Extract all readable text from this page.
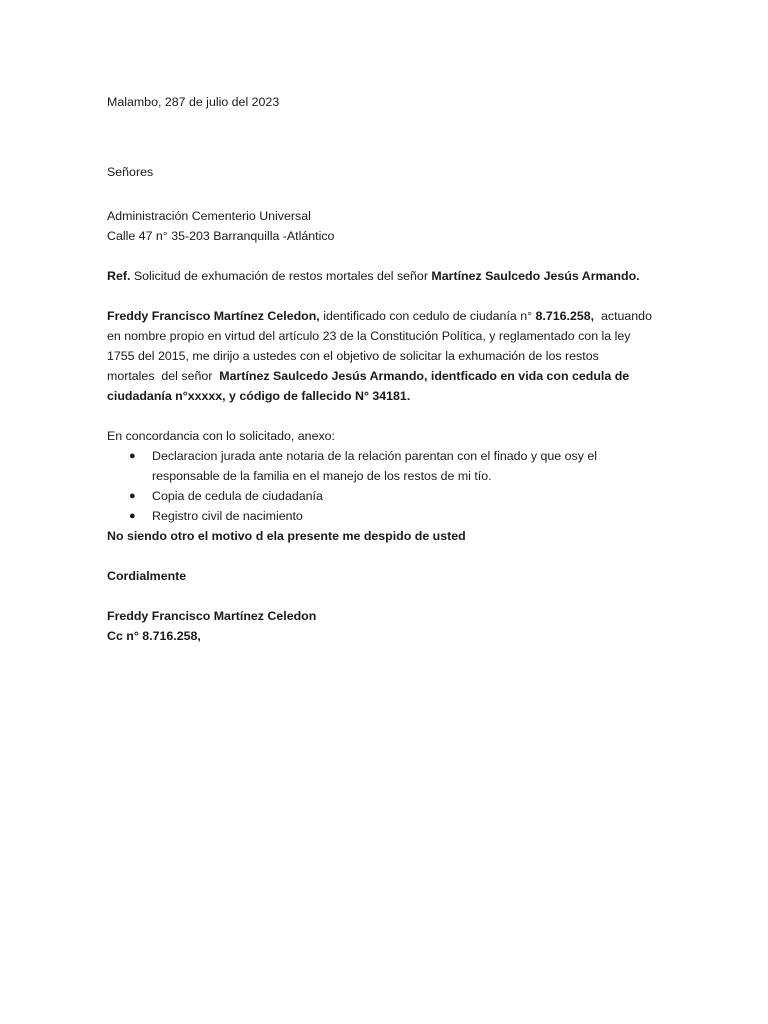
Malambo, 287 de julio del 2023
Señores
Administración Cementerio Universal
Calle 47 n° 35-203 Barranquilla -Atlántico
Ref. Solicitud de exhumación de restos mortales del señor Martínez Saulcedo Jesús Armando.
Freddy Francisco Martínez Celedon, identificado con cedulo de ciudanía n° 8.716.258,  actuando
en nombre propio en virtud del artículo 23 de la Constitución Política, y reglamentado con la ley
1755 del 2015, me dirijo a ustedes con el objetivo de solicitar la exhumación de los restos
mortales  del señor  Martínez Saulcedo Jesús Armando, identficado en vida con cedula de
ciudadanía n°xxxxx, y código de fallecido N° 34181.
En concordancia con lo solicitado, anexo:
● Declaracion jurada ante notaria de la relación parentan con el finado y que osy el
responsable de la familia en el manejo de los restos de mi tío.
● Copia de cedula de ciudadanía
● Registro civil de nacimiento
No siendo otro el motivo d ela presente me despido de usted
Cordialmente
Freddy Francisco Martínez Celedon
Cc n° 8.716.258,
